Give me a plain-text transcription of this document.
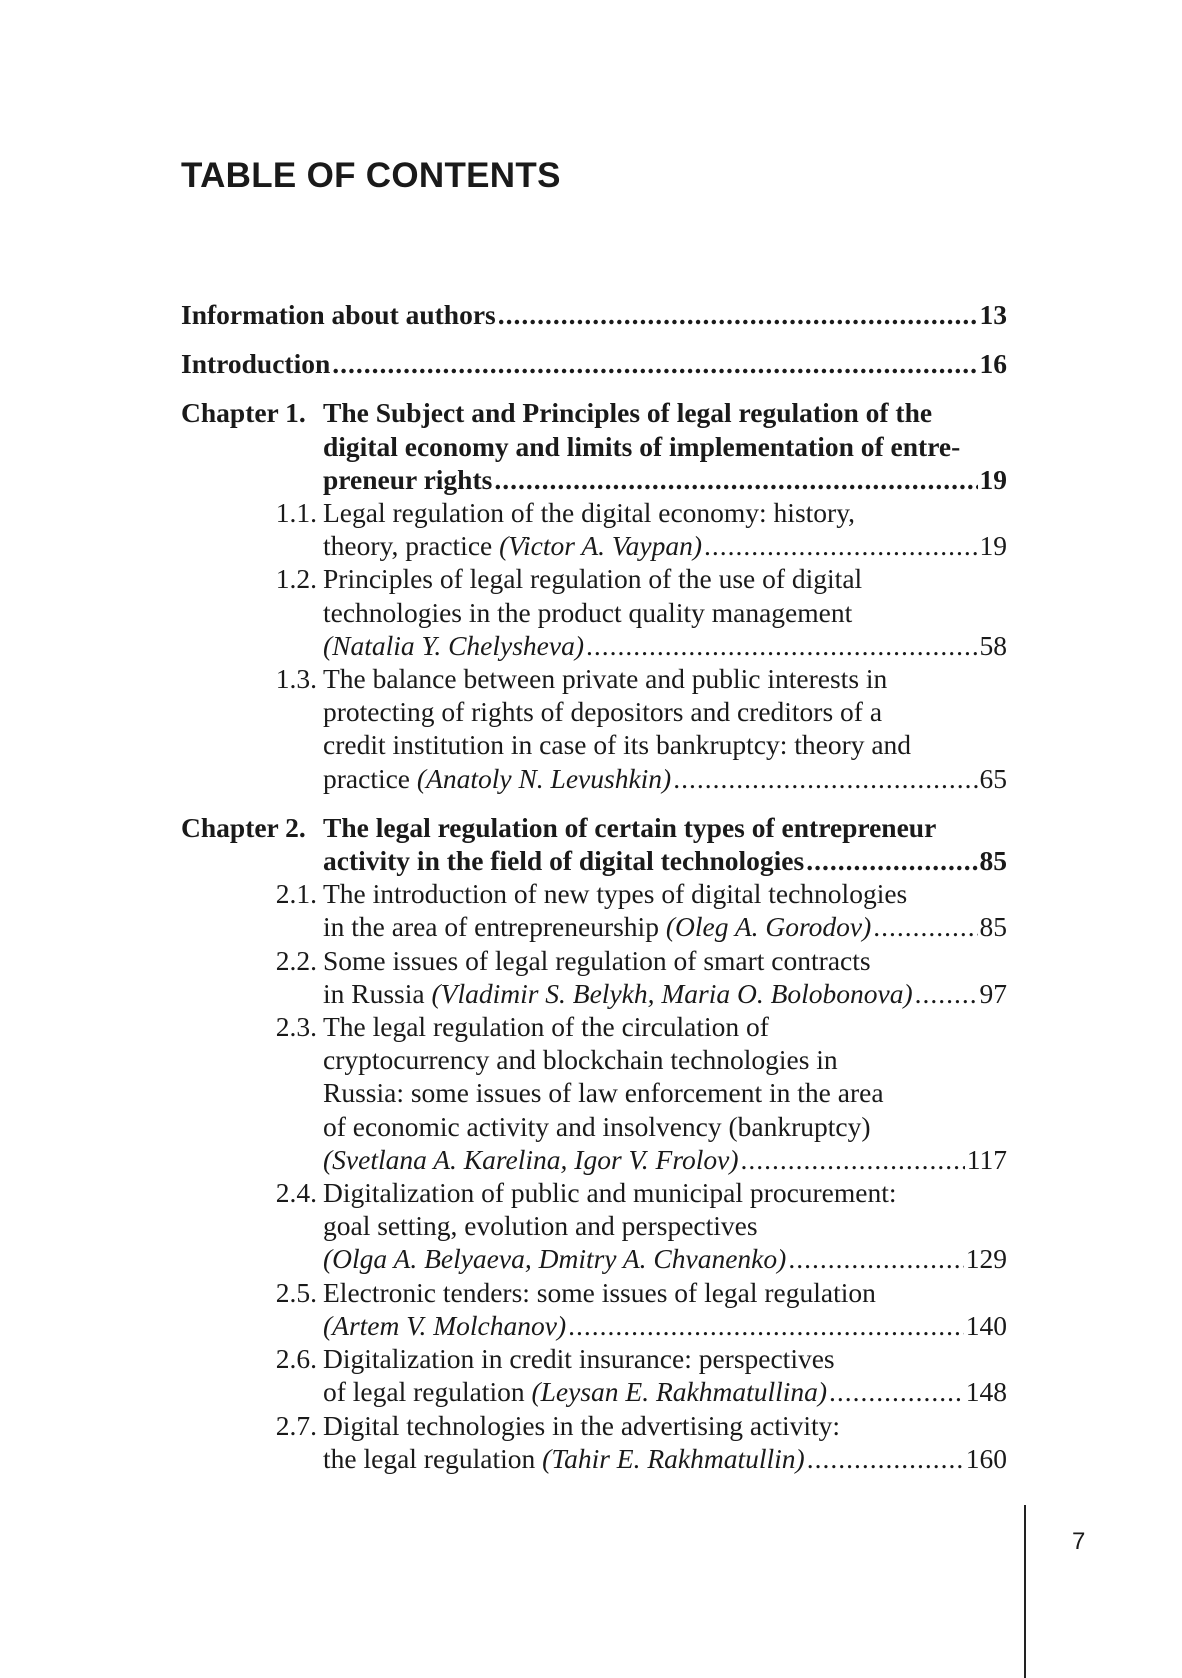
TABLE OF CONTENTS
Information about authors .....	13
Introduction .....	16
Chapter 1. The Subject and Principles of legal regulation of the
digital economy and limits of implementation of entre-
preneur rights .....	19
1.1. Legal regulation of the digital economy: history,
theory, practice
(Victor A. Vaypan) .....	19
1.2. Principles of legal regulation of the use of digital
technologies in the product quality management
(Natalia Y. Chelysheva) .....	58
1.3. The balance between private and public interests in
protecting of rights of depositors and creditors of a
credit institution in case of its bankruptcy: theory and
practice
(Anatoly N. Levushkin) .....	65
Chapter 2. The legal regulation of certain types of entrepreneur
activity in the field of digital technologies .....	85
2.1. The introduction of new types of digital technologies
in the area of entrepreneurship
(Oleg A. Gorodov) .....	85
2.2. Some issues of legal regulation of smart contracts
in Russia
(Vladimir S. Belykh, Maria O. Bolobonova) ..... 97
2.3. The legal regulation of the circulation of
cryptocurrency and blockchain technologies in
Russia: some issues of law enforcement in the area
of economic activity and insolvency (bankruptcy)
(Svetlana A. Karelina, Igor V. Frolov) .....	117
2.4. Digitalization of public and municipal procurement:
goal setting, evolution and perspectives
(Olga A. Belyaeva, Dmitry A. Chvanenko) .....	129
2.5. Electronic tenders: some issues of legal regulation
(Artem V. Molchanov) .....	140
2.6. Digitalization in credit insurance: perspectives
of legal regulation
(Leysan E. Rakhmatullina) .....	148
2.7. Digital technologies in the advertising activity:
the legal regulation
(Tahir E. Rakhmatullin) .....	160
7
